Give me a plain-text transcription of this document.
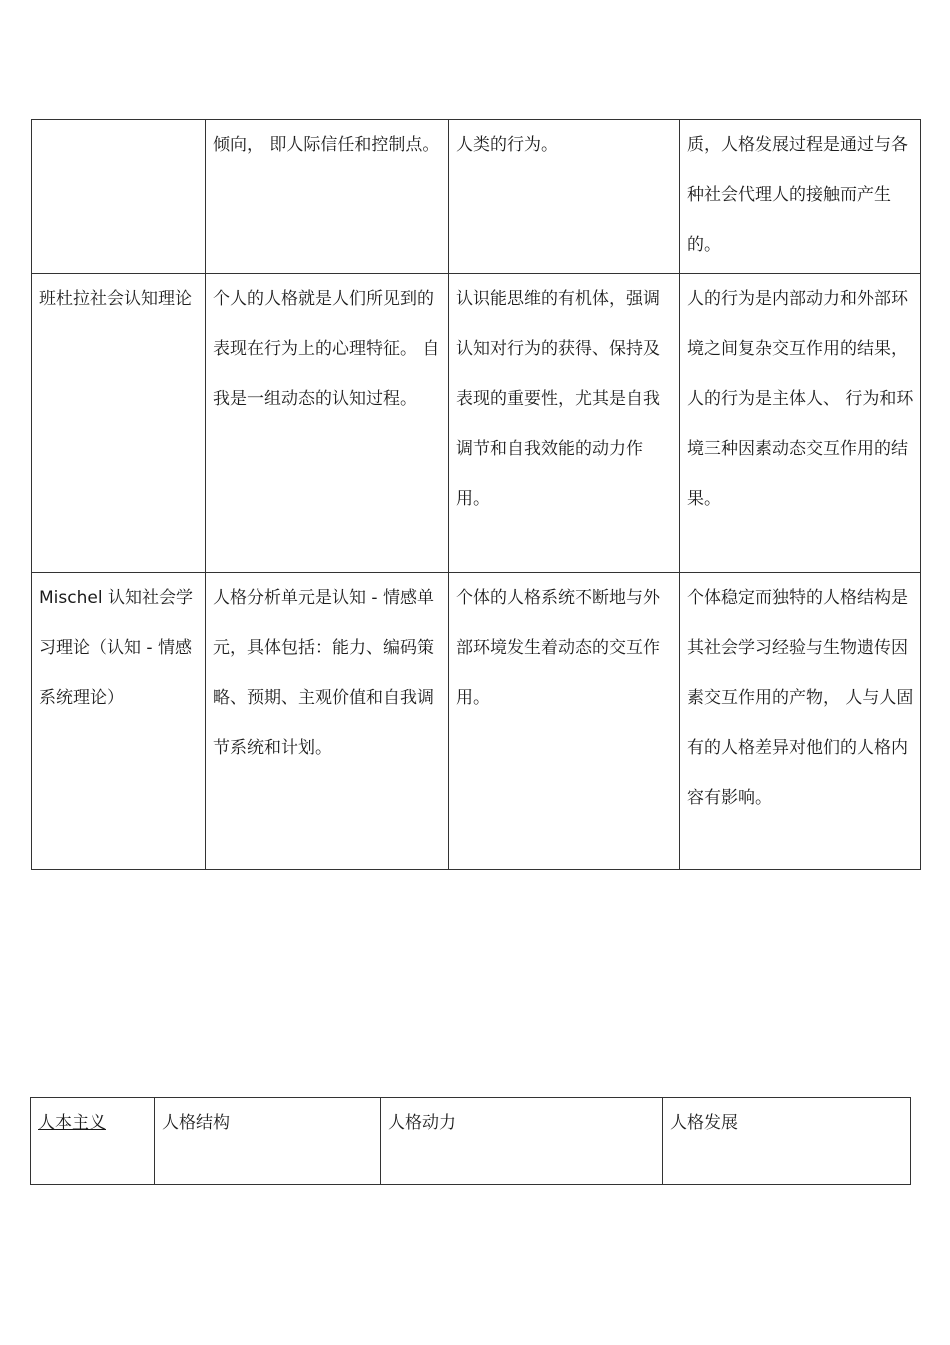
	倾向， 即人际信任和控制点。	人类的行为。	质，人格发展过程是通过与各种社会代理人的接触而产生的。
班杜拉社会认知理论	个人的人格就是人们所见到的表现在行为上的心理特征。 自我是一组动态的认知过程。	认识能思维的有机体，强调认知对行为的获得、保持及表现的重要性，尤其是自我调节和自我效能的动力作用。	人的行为是内部动力和外部环境之间复杂交互作用的结果， 人的行为是主体人、 行为和环境三种因素动态交互作用的结果。
Mischel 认知社会学习理论（认知 - 情感系统理论）	人格分析单元是认知 - 情感单元，具体包括：能力、编码策略、预期、主观价值和自我调节系统和计划。	个体的人格系统不断地与外部环境发生着动态的交互作用。	个体稳定而独特的人格结构是其社会学习经验与生物遗传因素交互作用的产物， 人与人固有的人格差异对他们的人格内容有影响。
人本主义	人格结构	人格动力	人格发展
